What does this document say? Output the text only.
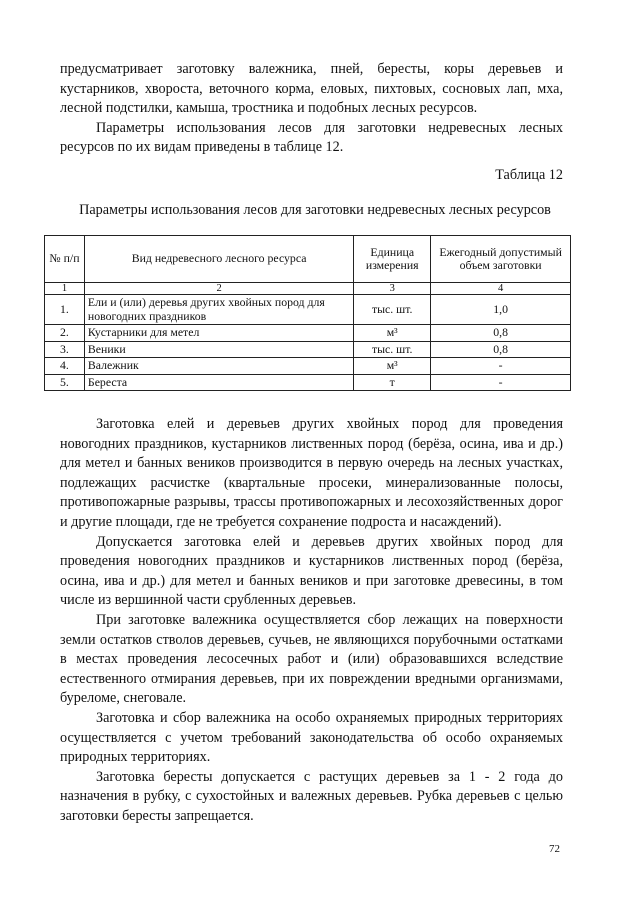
предусматривает заготовку валежника, пней, бересты, коры деревьев и кустарников, хвороста, веточного корма, еловых, пихтовых, сосновых лап, мха, лесной подстилки, камыша, тростника и подобных лесных ресурсов.

Параметры использования лесов для заготовки недревесных лесных ресурсов по их видам приведены в таблице 12.

Таблица 12
Параметры использования лесов для заготовки недревесных лесных ресурсов
№ п/п	Вид недревесного лесного ресурса	Единица измерения	Ежегодный допустимый объем заготовки
1	2	3	4
1.	Ели и (или) деревья других хвойных пород для новогодних праздников	тыс. шт.	1,0
2.	Кустарники для метел	м³	0,8
3.	Веники	тыс. шт.	0,8
4.	Валежник	м³	-
5.	Береста	т	-

Заготовка елей и деревьев других хвойных пород для проведения новогодних праздников, кустарников лиственных пород (берёза, осина, ива и др.) для метел и банных веников производится в первую очередь на лесных участках, подлежащих расчистке (квартальные просеки, минерализованные полосы, противопожарные разрывы, трассы противопожарных и лесохозяйственных дорог и другие площади, где не требуется сохранение подроста и насаждений).

Допускается заготовка елей и деревьев других хвойных пород для проведения новогодних праздников и кустарников лиственных пород (берёза, осина, ива и др.) для метел и банных веников и при заготовке древесины, в том числе из вершинной части срубленных деревьев.

При заготовке валежника осуществляется сбор лежащих на поверхности земли остатков стволов деревьев, сучьев, не являющихся порубочными остатками в местах проведения лесосечных работ и (или) образовавшихся вследствие естественного отмирания деревьев, при их повреждении вредными организмами, буреломе, снеговале.

Заготовка и сбор валежника на особо охраняемых природных территориях осуществляется с учетом требований законодательства об особо охраняемых природных территориях.

Заготовка бересты допускается с растущих деревьев за 1 - 2 года до назначения в рубку, с сухостойных и валежных деревьев. Рубка деревьев с целью заготовки бересты запрещается.

72
